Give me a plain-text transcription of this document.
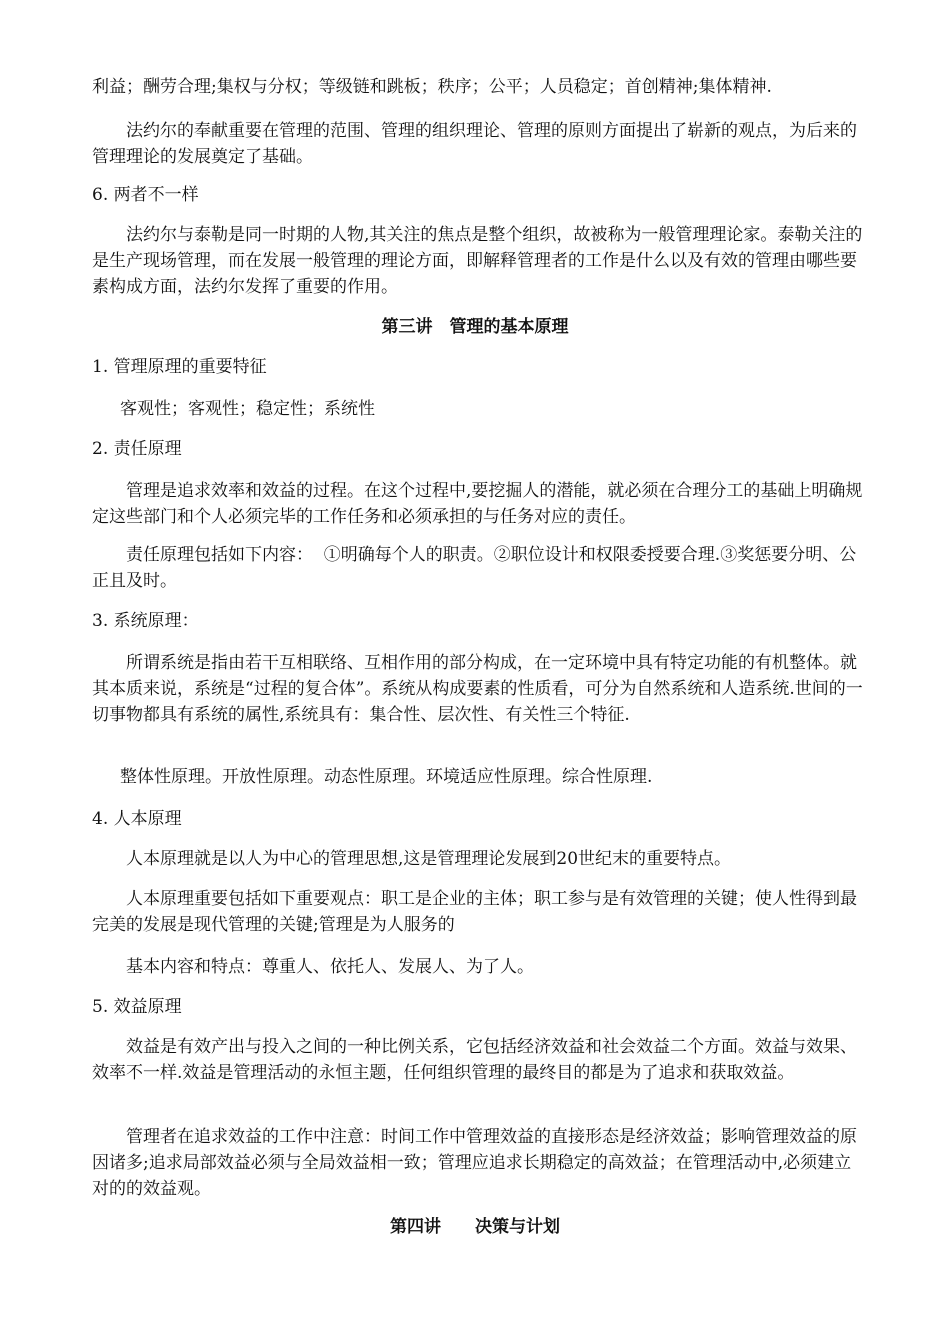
利益；酬劳合理;集权与分权；等级链和跳板；秩序；公平；人员稳定；首创精神;集体精神.

法约尔的奉献重要在管理的范围、管理的组织理论、管理的原则方面提出了崭新的观点，为后来的管理理论的发展奠定了基础。

6. 两者不一样

法约尔与泰勒是同一时期的人物,其关注的焦点是整个组织，故被称为一般管理理论家。泰勒关注的是生产现场管理，而在发展一般管理的理论方面，即解释管理者的工作是什么以及有效的管理由哪些要素构成方面，法约尔发挥了重要的作用。

第三讲　管理的基本原理

1. 管理原理的重要特征

客观性；客观性；稳定性；系统性

2. 责任原理

管理是追求效率和效益的过程。在这个过程中,要挖掘人的潜能，就必须在合理分工的基础上明确规定这些部门和个人必须完毕的工作任务和必须承担的与任务对应的责任。

责任原理包括如下内容：  ①明确每个人的职责。②职位设计和权限委授要合理.③奖惩要分明、公正且及时。

3. 系统原理：

所谓系统是指由若干互相联络、互相作用的部分构成，在一定环境中具有特定功能的有机整体。就其本质来说，系统是“过程的复合体”。系统从构成要素的性质看，可分为自然系统和人造系统.世间的一切事物都具有系统的属性,系统具有：集合性、层次性、有关性三个特征.

整体性原理。开放性原理。动态性原理。环境适应性原理。综合性原理.

4. 人本原理

人本原理就是以人为中心的管理思想,这是管理理论发展到20世纪末的重要特点。

人本原理重要包括如下重要观点：职工是企业的主体；职工参与是有效管理的关键；使人性得到最完美的发展是现代管理的关键;管理是为人服务的

基本内容和特点：尊重人、依托人、发展人、为了人。

5. 效益原理

效益是有效产出与投入之间的一种比例关系，它包括经济效益和社会效益二个方面。效益与效果、效率不一样.效益是管理活动的永恒主题，任何组织管理的最终目的都是为了追求和获取效益。

管理者在追求效益的工作中注意：时间工作中管理效益的直接形态是经济效益；影响管理效益的原因诸多;追求局部效益必须与全局效益相一致；管理应追求长期稳定的高效益；在管理活动中,必须建立对的的效益观。

第四讲　　决策与计划
